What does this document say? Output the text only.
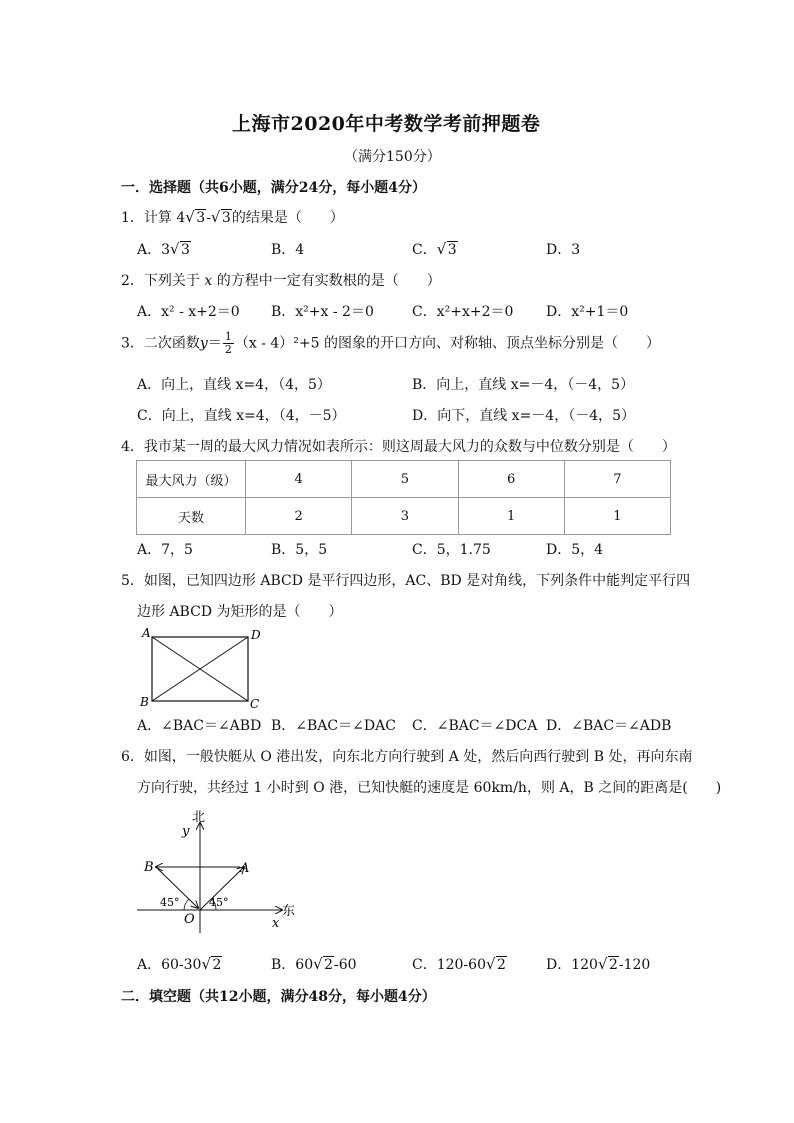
上海市2020年中考数学考前押题卷
（满分150分）
一．选择题（共6小题，满分24分，每小题4分）
1．计算 4 √ 3- √ 3的结果是（　　）
A．3 √ 3	B．4	C． √ 3	D．3
2．下列关于 x 的方程中一定有实数根的是（　　）
A．x² - x+2＝0 B．x²+x - 2＝0	C．x²+x+2＝0 D．x²+1＝0
3．二次函数$y= \frac{1}{2} (x - 4)^2+5$ 的图象的开口方向、对称轴、顶点坐标分别是（　　）
A．向上，直线 x=4，（4，5）	B．向上，直线 x=－4，（－4，5）
C．向上，直线 x=4，（4，－5）	D．向下，直线 x=－4，（－4，5）
4．我市某一周的最大风力情况如表所示：则这周最大风力的众数与中位数分别是（　　）
最大风力（级）	4	5	6	7
天数	2	3	1	1
A．7，5	B．5，5	C．5，1.75	D．5，4
5．如图，已知四边形 ABCD 是平行四边形，AC、BD 是对角线，下列条件中能判定平行四
边形 ABCD 为矩形的是（　　）
A	D
B	C
A．∠BAC＝∠ABD B．∠BAC＝∠DAC C．∠BAC＝∠DCA D．∠BAC＝∠ADB
6．如图，一般快艇从 O 港出发，向东北方向行驶到 A 处，然后向西行驶到 B 处，再向东南
方向行驶，共经过 1 小时到 O 港，已知快艇的速度是 60km/h，则 A，B 之间的距离是(　　)
北
y
东
x
A
B
O
45°	45°
A．60-30 √ 2	B．60 √ 2-60	C．120-60 √ 2	D．120 √ 2-120
二．填空题（共12小题，满分48分，每小题4分）
